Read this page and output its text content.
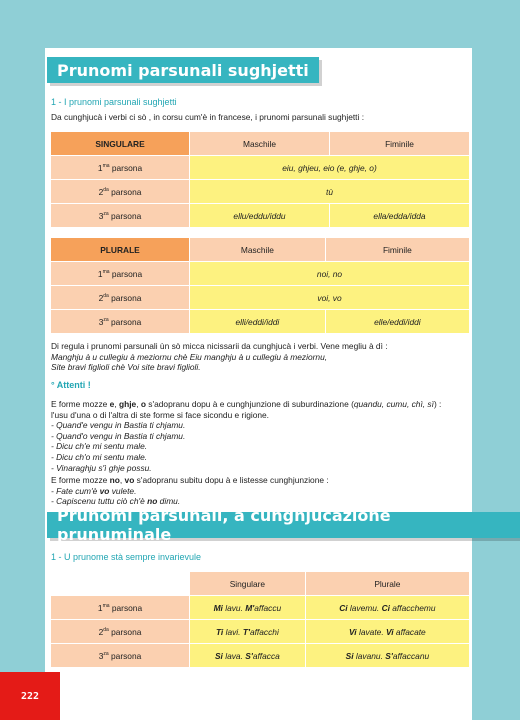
Prunomi parsunali sughjetti
1 - I prunomi parsunali sughjetti
Da cunghjucà i verbi ci sò , in corsu cum'è in francese, i prunomi parsunali sughjetti :
SINGULARE	Maschile	Fiminile
$1^{ma}$ parsona	eiu, ghjeu, eio (e, ghje, o)	
$2^{da}$ parsona	tù	
$3^{za}$ parsona	ellu/eddu/iddu	ella/edda/idda
PLURALE	Maschile	Fiminile
$1^{ma}$ parsona	noi, no	
$2^{da}$ parsona	voi, vo	
$3^{za}$ parsona	elli/eddi/iddi	elle/eddi/iddi

Di regula i prunomi parsunali ùn sò micca nicissarii da cunghjucà i verbi. Vene megliu à dì :

Manghju à u cullegiu à meziornu chè Eiu manghju à u cullegiu à meziornu,

Site bravi figlioli chè Voi site bravi figlioli.

° Attenti !

E forme mozze e, ghje, o s'adopranu dopu à e cunghjunzione di suburdinazione (quandu, cumu, chì, sì) :

l'usu d'una o di l'altra di ste forme si face sicondu e rigione.

- Quand'e vengu in Bastia ti chjamu.

- Quand'o vengu in Bastia ti chjamu.

- Dicu ch'e mi sentu male.

- Dicu ch'o mi sentu male.

- Vinaraghju s'ì ghje possu.

E forme mozze no, vo s'adopranu subitu dopu à e listesse cunghjunzione :

- Fate cum'è vo vulete.

- Capiscenu tuttu ciò ch'è no dimu.

Prunomi parsunali, a cunghjucazione prunuminale
1 - U prunome stà sempre invarievule
	Singulare	Plurale
$1^{ma}$ parsona	Mi lavu. M'affaccu	Ci lavemu. Ci affacchemu
$2^{da}$ parsona	Ti lavi. T'affacchi	Vi lavate. Vi affacate
$3^{za}$ parsona	Si lava. S'affacca	Si lavanu. S'affaccanu
222
